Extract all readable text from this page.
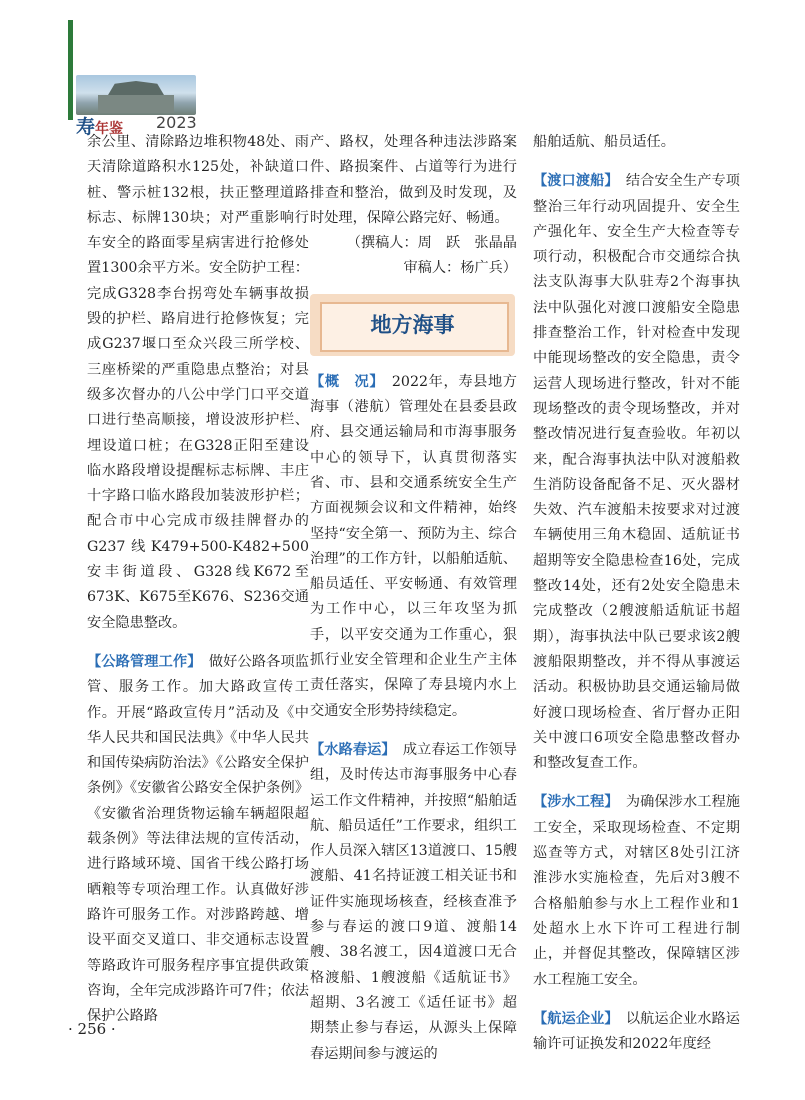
寿年鉴 2023

余公里、清除路边堆积物48处、雨天清除道路积水125处，补缺道口桩、警示桩132根，扶正整理道路标志、标牌130块；对严重影响行车安全的路面零星病害进行抢修处置1300余平方米。安全防护工程：完成G328李台拐弯处车辆事故损毁的护栏、路肩进行抢修恢复；完成G237堰口至众兴段三所学校、三座桥梁的严重隐患点整治；对县级多次督办的八公中学门口平交道口进行垫高顺接，增设波形护栏、埋设道口桩；在G328正阳至建设临水路段增设提醒标志标牌、丰庄十字路口临水路段加装波形护栏；配合市中心完成市级挂牌督办的G237线K479+500-K482+500安丰街道段、G328线K672至673K、K675至K676、S236交通安全隐患整改。

【公路管理工作】　 做好公路各项监管、服务工作。加大路政宣传工作。开展“路政宣传月”活动及《中华人民共和国民法典》《中华人民共和国传染病防治法》《公路安全保护条例》《安徽省公路安全保护条例》《安徽省治理货物运输车辆超限超载条例》等法律法规的宣传活动，进行路域环境、国省干线公路打场晒粮等专项治理工作。认真做好涉路许可服务工作。对涉路跨越、增设平面交叉道口、非交通标志设置等路政许可服务程序事宜提供政策咨询，全年完成涉路许可7件；依法保护公路路

产、路权，处理各种违法涉路案件、路损案件、占道等行为进行排查和整治，做到及时发现，及时处理，保障公路完好、畅通。

（撰稿人：周　跃　张晶晶

审稿人：杨广兵）

地方海事

【概　况】　 2022年，寿县地方海事（港航）管理处在县委县政府、县交通运输局和市海事服务中心的领导下，认真贯彻落实省、市、县和交通系统安全生产方面视频会议和文件精神，始终坚持“安全第一、预防为主、综合治理”的工作方针，以船舶适航、船员适任、平安畅通、有效管理为工作中心，以三年攻坚为抓手，以平安交通为工作重心，狠抓行业安全管理和企业生产主体责任落实，保障了寿县境内水上交通安全形势持续稳定。

【水路春运】　 成立春运工作领导组，及时传达市海事服务中心春运工作文件精神，并按照“船舶适航、船员适任”工作要求，组织工作人员深入辖区13道渡口、15艘渡船、41名持证渡工相关证书和证件实施现场核查，经核查准予参与春运的渡口9道、渡船14艘、38名渡工，因4道渡口无合格渡船、1艘渡船《适航证书》超期、3名渡工《适任证书》超期禁止参与春运，从源头上保障春运期间参与渡运的

船舶适航、船员适任。

【渡口渡船】　 结合安全生产专项整治三年行动巩固提升、安全生产强化年、安全生产大检查等专项行动，积极配合市交通综合执法支队海事大队驻寿2个海事执法中队强化对渡口渡船安全隐患排查整治工作，针对检查中发现中能现场整改的安全隐患，责令运营人现场进行整改，针对不能现场整改的责令现场整改，并对整改情况进行复查验收。年初以来，配合海事执法中队对渡船救生消防设备配备不足、灭火器材失效、汽车渡船未按要求对过渡车辆使用三角木稳固、适航证书超期等安全隐患检查16处，完成整改14处，还有2处安全隐患未完成整改（2艘渡船适航证书超期），海事执法中队已要求该2艘渡船限期整改，并不得从事渡运活动。积极协助县交通运输局做好渡口现场检查、省厅督办正阳关中渡口6项安全隐患整改督办和整改复查工作。

【涉水工程】　 为确保涉水工程施工安全，采取现场检查、不定期巡查等方式，对辖区8处引江济淮涉水实施检查，先后对3艘不合格船舶参与水上工程作业和1处超水上水下许可工程进行制止，并督促其整改，保障辖区涉水工程施工安全。

【航运企业】　 以航运企业水路运输许可证换发和2022年度经

· 256 ·
